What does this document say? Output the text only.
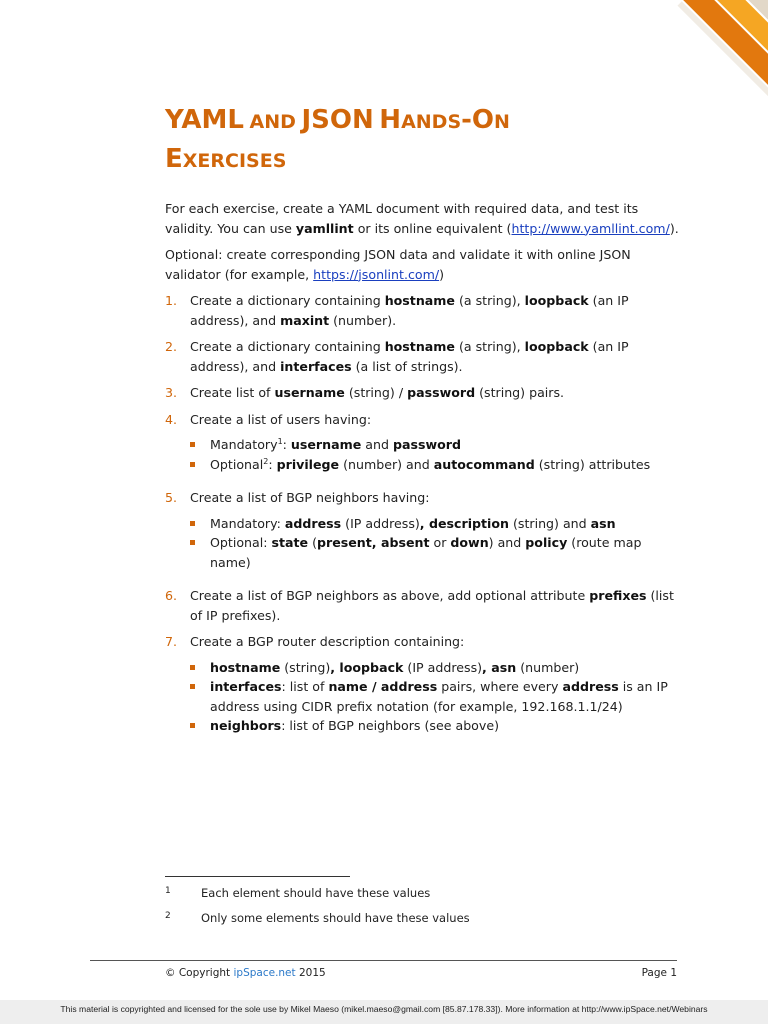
YAML AND JSON HANDS-ON
EXERCISES

For each exercise, create a YAML document with required data, and test its validity. You can use yamllint or its online equivalent (http://www.yamllint.com/).

Optional: create corresponding JSON data and validate it with online JSON validator (for example, https://jsonlint.com/)

1. Create a dictionary containing hostname (a string), loopback (an IP address), and maxint (number).
2. Create a dictionary containing hostname (a string), loopback (an IP address), and interfaces (a list of strings).
3. Create list of username (string) / password (string) pairs.
4. Create a list of users having:
Mandatory$^1$: username and password
Optional$^2$: privilege (number) and autocommand (string) attributes
5. Create a list of BGP neighbors having:
Mandatory: address (IP address), description (string) and asn
Optional: state (present, absent or down) and policy (route map name)
6. Create a list of BGP neighbors as above, add optional attribute prefixes (list of IP prefixes).
7. Create a BGP router description containing:
hostname (string), loopback (IP address), asn (number)
interfaces: list of name / address pairs, where every address is an IP address using CIDR prefix notation (for example, 192.168.1.1/24)
neighbors: list of BGP neighbors (see above)
1	Each element should have these values
2	Only some elements should have these values
© Copyright ipSpace.net 2015	Page 1
This material is copyrighted and licensed for the sole use by Mikel Maeso (mikel.maeso@gmail.com [85.87.178.33]). More information at http://www.ipSpace.net/Webinars
